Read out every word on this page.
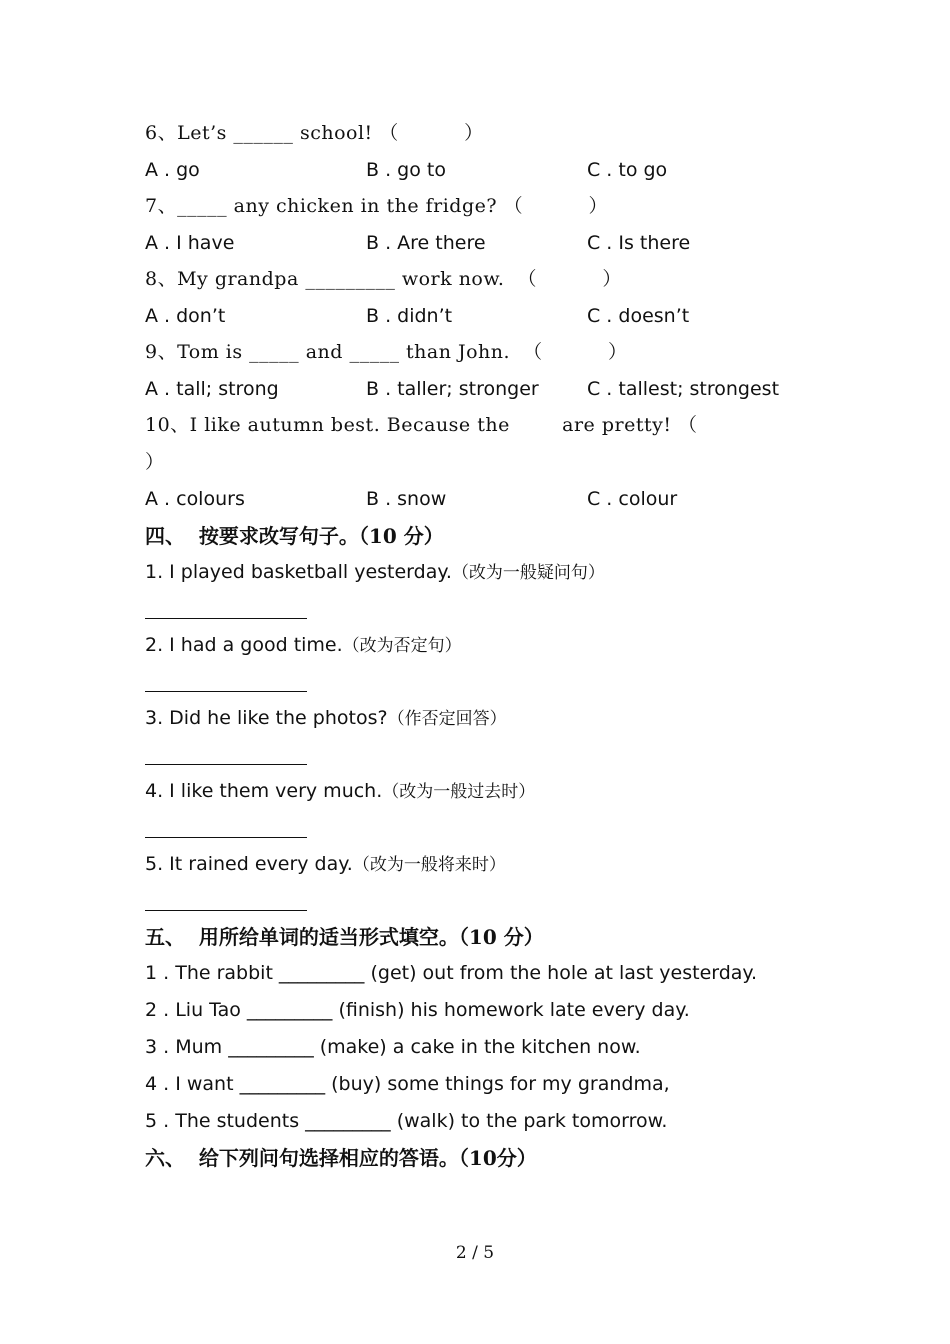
6、Let’s ______ school! （          ）
A . go	B . go to	C . to go
7、_____ any chicken in the fridge? （          ）
A . I have	B . Are there	C . Is there
8、My grandpa _________ work now.  （          ）
A . don’t	B . didn’t	C . doesn’t
9、Tom is _____ and _____ than John.  （          ）
A . tall; strong	B . taller; stronger	C . tallest; strongest
10、I like autumn best. Because the        are pretty! （
）
A . colours	B . snow	C . colour
四、  按要求改写句子。（10 分）
1. I played basketball yesterday.（改为一般疑问句）
2. I had a good time.（改为否定句）
3. Did he like the photos?（作否定回答）
4. I like them very much.（改为一般过去时）
5. It rained every day.（改为一般将来时）
五、  用所给单词的适当形式填空。（10 分）
1 . The rabbit _________ (get) out from the hole at last yesterday.
2 . Liu Tao _________ (finish) his homework late every day.
3 . Mum _________ (make) a cake in the kitchen now.
4 . I want _________ (buy) some things for my grandma,
5 . The students _________ (walk) to the park tomorrow.
六、  给下列问句选择相应的答语。（10分）
2 / 5
